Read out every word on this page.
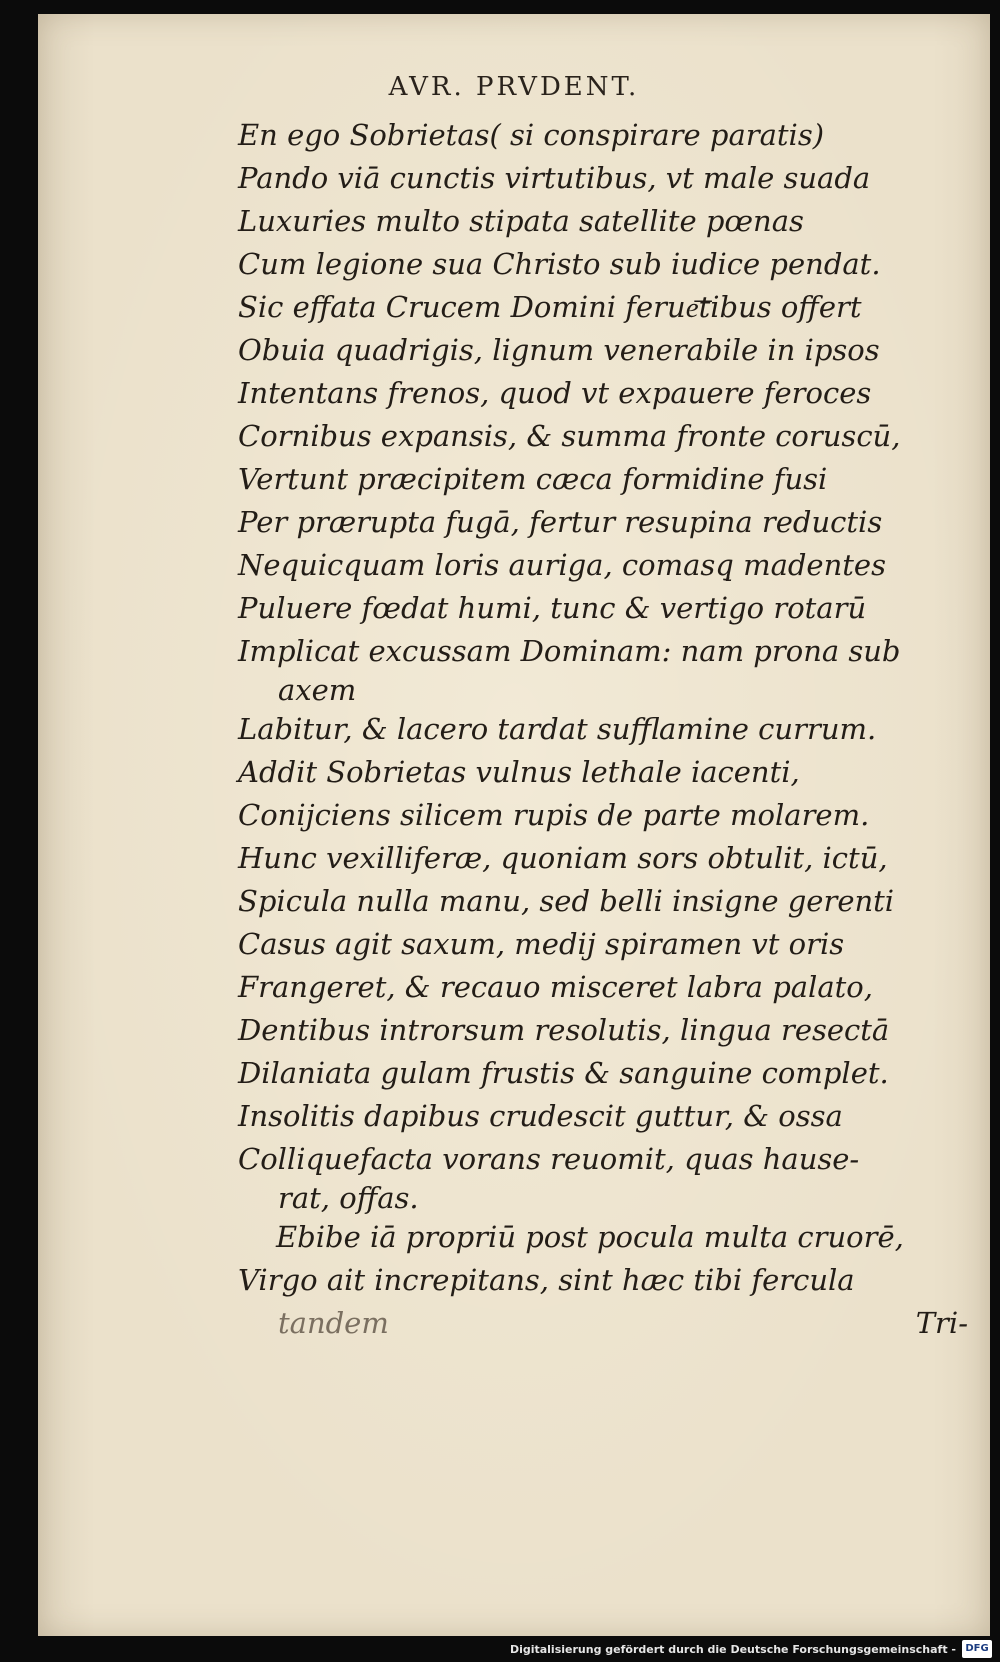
AVR. PRVDENT.
En ego Sobrietas( si conspirare paratis)
Pando viā cunctis virtutibus, vt male suada
Luxuries multo stipata satellite pœnas
Cum legione sua Christo sub iudice pendat.
Sic effata Crucem Domini ferue͞tibus offert
Obuia quadrigis, lignum venerabile in ipsos
Intentans frenos, quod vt expauere feroces
Cornibus expansis, & summa fronte coruscū,
Vertunt præcipitem cæca formidine fusi
Per prærupta fugā, fertur resupina reductis
Nequicquam loris auriga, comasq̧ madentes
Puluere fœdat humi, tunc & vertigo rotarū
Implicat excussam Dominam: nam prona sub
axem
Labitur, & lacero tardat sufflamine currum.
Addit Sobrietas vulnus lethale iacenti,
Conijciens silicem rupis de parte molarem.
Hunc vexilliferæ, quoniam sors obtulit, ictū,
Spicula nulla manu, sed belli insigne gerenti
Casus agit saxum, medij spiramen vt oris
Frangeret, & recauo misceret labra palato,
Dentibus introrsum resolutis, lingua resectā
Dilaniata gulam frustis & sanguine complet.
Insolitis dapibus crudescit guttur, & ossa
Colliquefacta vorans reuomit, quas hause-
rat, offas.
Ebibe iā propriū post pocula multa cruorē,
Virgo ait increpitans, sint hæc tibi fercula
tandem	Tri-
Digitalisierung gefördert durch die Deutsche Forschungsgemeinschaft - DFG
